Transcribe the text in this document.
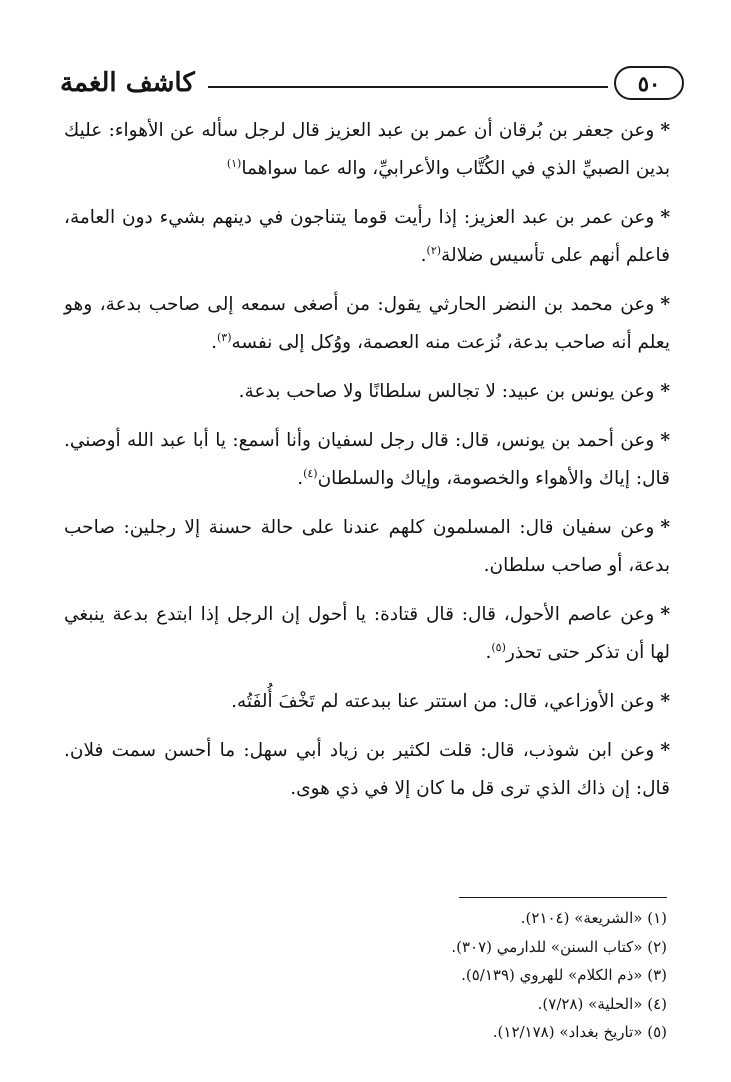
كاشف الغمة	٥٠

*وعن جعفر بن بُرقان أن عمر بن عبد العزيز قال لرجل سأله عن الأهواء: عليك بدين الصبيِّ الذي في الكُتَّاب والأعرابيِّ، واله عما سواهما$^{(١)}$

*وعن عمر بن عبد العزيز: إذا رأيت قوما يتناجون في دينهم بشيء دون العامة، فاعلم أنهم على تأسيس ضلالة$^{(٢)}$.

*وعن محمد بن النضر الحارثي يقول: من أصغى سمعه إلى صاحب بدعة، وهو يعلم أنه صاحب بدعة، نُزعت منه العصمة، ووُكل إلى نفسه$^{(٣)}$.

*وعن يونس بن عبيد: لا تجالس سلطانًا ولا صاحب بدعة.

*وعن أحمد بن يونس، قال: قال رجل لسفيان وأنا أسمع: يا أبا عبد الله أوصني. قال: إياك والأهواء والخصومة، وإياك والسلطان$^{(٤)}$.

*وعن سفيان قال: المسلمون كلهم عندنا على حالة حسنة إلا رجلين: صاحب بدعة، أو صاحب سلطان.

*وعن عاصم الأحول، قال: قال قتادة: يا أحول إن الرجل إذا ابتدع بدعة ينبغي لها أن تذكر حتى تحذر$^{(٥)}$.

*وعن الأوزاعي، قال: من استتر عنا ببدعته لم تَخْفَ أُلفَتُه.

*وعن ابن شوذب، قال: قلت لكثير بن زياد أبي سهل: ما أحسن سمت فلان. قال: إن ذاك الذي ترى قل ما كان إلا في ذي هوى.

(١) «الشريعة» (٢١٠٤).

(٢) «كتاب السنن» للدارمي (٣٠٧).

(٣) «ذم الكلام» للهروي (٥/١٣٩).

(٤) «الحلية» (٧/٢٨).

(٥) «تاريخ بغداد» (١٢/١٧٨).
